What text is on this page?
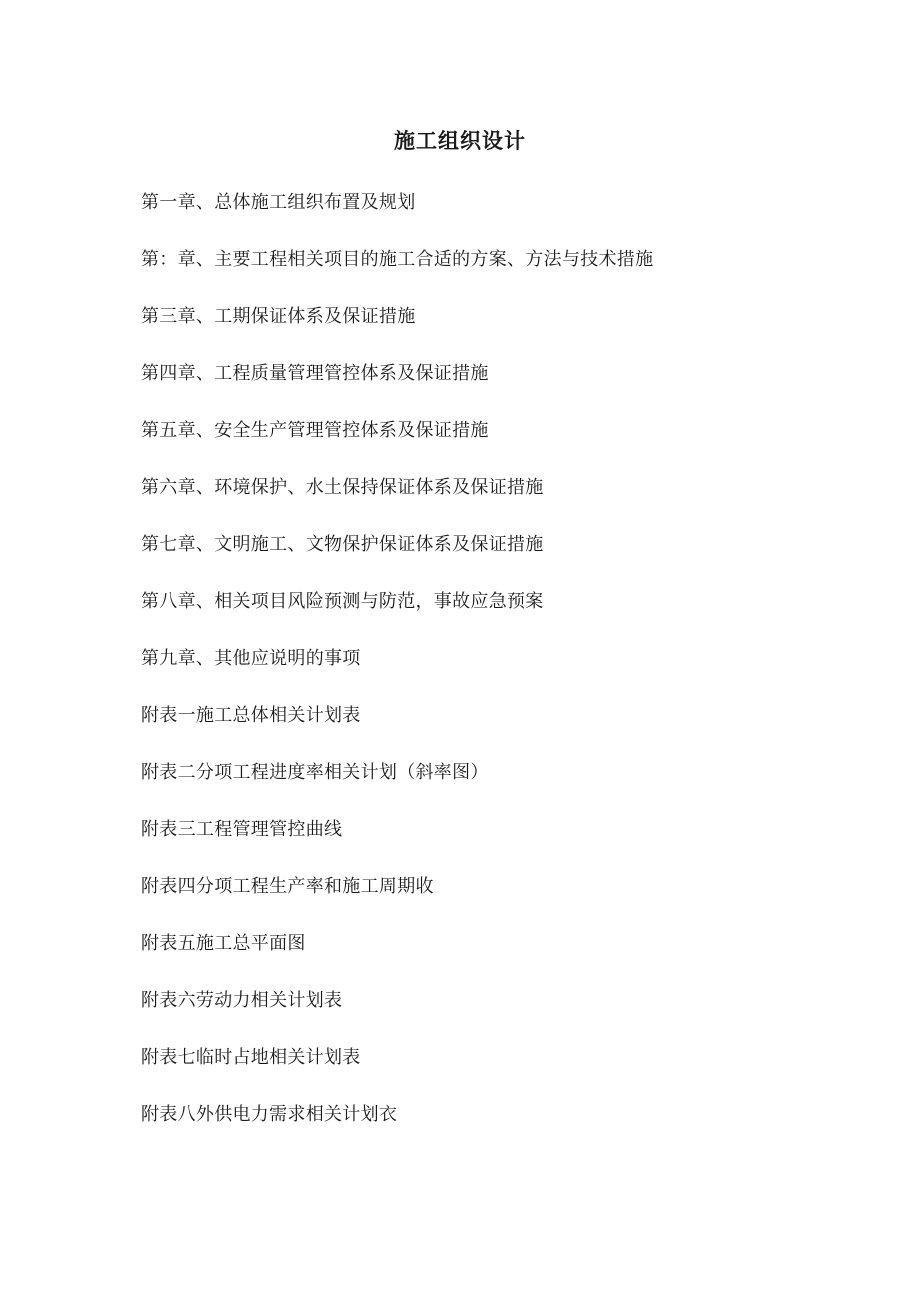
施工组织设计
第一章、总体施工组织布置及规划
第：章、主要工程相关项目的施工合适的方案、方法与技术措施
第三章、工期保证体系及保证措施
第四章、工程质量管理管控体系及保证措施
第五章、安全生产管理管控体系及保证措施
第六章、环境保护、水土保持保证体系及保证措施
第七章、文明施工、文物保护保证体系及保证措施
第八章、相关项目风险预测与防范，事故应急预案
第九章、其他应说明的事项
附表一施工总体相关计划表
附表二分项工程进度率相关计划（斜率图）
附表三工程管理管控曲线
附表四分项工程生产率和施工周期收
附表五施工总平面图
附表六劳动力相关计划表
附表七临时占地相关计划表
附表八外供电力需求相关计划衣
